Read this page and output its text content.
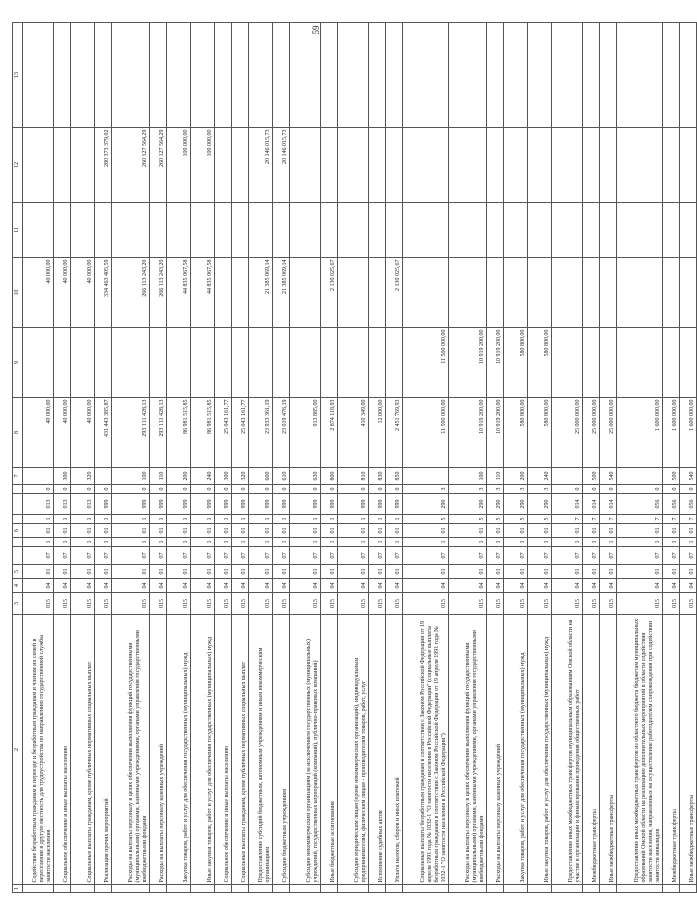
59
1	2	3	4	5			6				7	8	9	10	11	12	13
	Содействие безработным гражданам в переезде и безработным гражданам и членам их семей в переселении в другую местность для трудоустройства по направлению государственной службы занятости населения	015	04	01	07	1	01	1	013	0		40 000,00		40 000,00			
	Социальное обеспечение и иные выплаты населению	015	04	01	07	1	01	1	013	0	300	40 000,00		40 000,00			
	Социальные выплаты гражданам, кроме публичных нормативных социальных выплат	015	04	01	07	1	01	1	013	0	320	40 000,00		40 000,00			
	Реализация прочих мероприятий	015	04	01	07	1	01	1	999	0		431 443 385,87		334 463 405,59		280 373 379,02	
	Расходы на выплаты персоналу в целях обеспечения выполнения функций государственными (муниципальными) органами, казенными учреждениями, органами управления государственными внебюджетными фондами	015	04	01	07	1	01	1	999	0	100	293 111 428,13		266 113 243,20		260 127 564,29	
	Расходы на выплаты персоналу казенных учреждений	015	04	01	07	1	01	1	999	0	110	293 111 428,13		266 113 243,20		260 127 564,29	
	Закупка товаров, работ и услуг для обеспечения государственных (муниципальных) нужд	015	04	01	07	1	01	1	999	0	200	86 981 515,85		44 835 067,58		100 000,00	
	Иные закупки товаров, работ и услуг для обеспечения государственных (муниципальных) нужд	015	04	01	07	1	01	1	999	0	240	86 981 515,85		44 835 067,58		100 000,00	
	Социальное обеспечение и иные выплаты населению	015	04	01	07	1	01	1	999	0	300	25 043 161,77					
	Социальные выплаты гражданам, кроме публичных нормативных социальных выплат	015	04	01	07	1	01	1	999	0	320	25 043 161,77					
	Предоставление субсидий бюджетным, автономным учреждениям и иным некоммерческим организациям	015	04	01	07	1	01	1	999	0	600	23 933 361,19		21 385 069,14		20 146 015,73	
	Субсидии бюджетным учреждениям	015	04	01	07	1	01	1	999	0	610	23 019 476,19		21 385 069,14		20 146 015,73	
	Субсидии некоммерческим организациям (за исключением государственных (муниципальных) учреждений, государственных корпораций (компаний), публично-правовых компаний)	015	04	01	07	1	01	1	999	0	630	913 885,00					
	Иные бюджетные ассигнования	015	04	01	07	1	01	1	999	0	800	2 874 118,93		2 130 025,67			
	Субсидии юридическим лицам (кроме некоммерческих организаций), индивидуальным предпринимателям, физическим лицам - производителям товаров, работ, услуг	015	04	01	07	1	01	1	999	0	810	410 349,00					
	Исполнение судебных актов	015	04	01	07	1	01	1	999	0	830	12 000,00					
	Уплата налогов, сборов и иных платежей	015	04	01	07	1	01	1	999	0	850	2 451 769,93		2 130 025,67			
	Социальные выплаты безработным гражданам в соответствии с Законом Российской Федерации от 19 апреля 1991 года № 1032-1 "О занятости населения в Российской Федерации" (социальные выплаты безработным гражданам в соответствии с Законом Российской Федерации от 19 апреля 1991 года № 1032-1 "О занятости населения в Российской Федерации")	015	04	01	07	1	01	5	290	3		11 500 000,00	11 500 000,00				
	Расходы на выплаты персоналу в целях обеспечения выполнения функций государственными (муниципальными) органами, казенными учреждениями, органами управления государственными внебюджетными фондами	015	04	01	07	1	01	5	290	3	100	10 919 200,00	10 919 200,00				
	Расходы на выплаты персоналу казенных учреждений	015	04	01	07	1	01	5	290	3	110	10 919 200,00	10 919 200,00				
	Закупка товаров, работ и услуг для обеспечения государственных (муниципальных) нужд	015	04	01	07	1	01	5	290	3	200	580 800,00	580 800,00				
	Иные закупки товаров, работ и услуг для обеспечения государственных (муниципальных) нужд	015	04	01	07	1	01	5	290	3	240	580 800,00	580 800,00				
	Предоставление иных межбюджетных трансфертов муниципальным образованиям Омской области на участие в организации и финансировании проведения общественных работ	015	04	01	07	1	01	7	014	0		25 000 000,00					
	Межбюджетные трансферты	015	04	01	07	1	01	7	014	0	500	25 000 000,00					
	Иные межбюджетные трансферты	015	04	01	07	1	01	7	014	0	540	25 000 000,00					
	Предоставление иных межбюджетных трансфертов из областного бюджета бюджетам муниципальных образований Омской области на реализацию дополнительных мероприятий в области содействия занятости населения, направленных на осуществление работодателем сопровождения при содействии занятости инвалидов	015	04	01	07	1	01	7	056	0		1 600 000,00					
	Межбюджетные трансферты	015	04	01	07	1	01	7	056	0	500	1 600 000,00					
	Иные межбюджетные трансферты	015	04	01	07	1	01	7	056	0	540	1 600 000,00					
